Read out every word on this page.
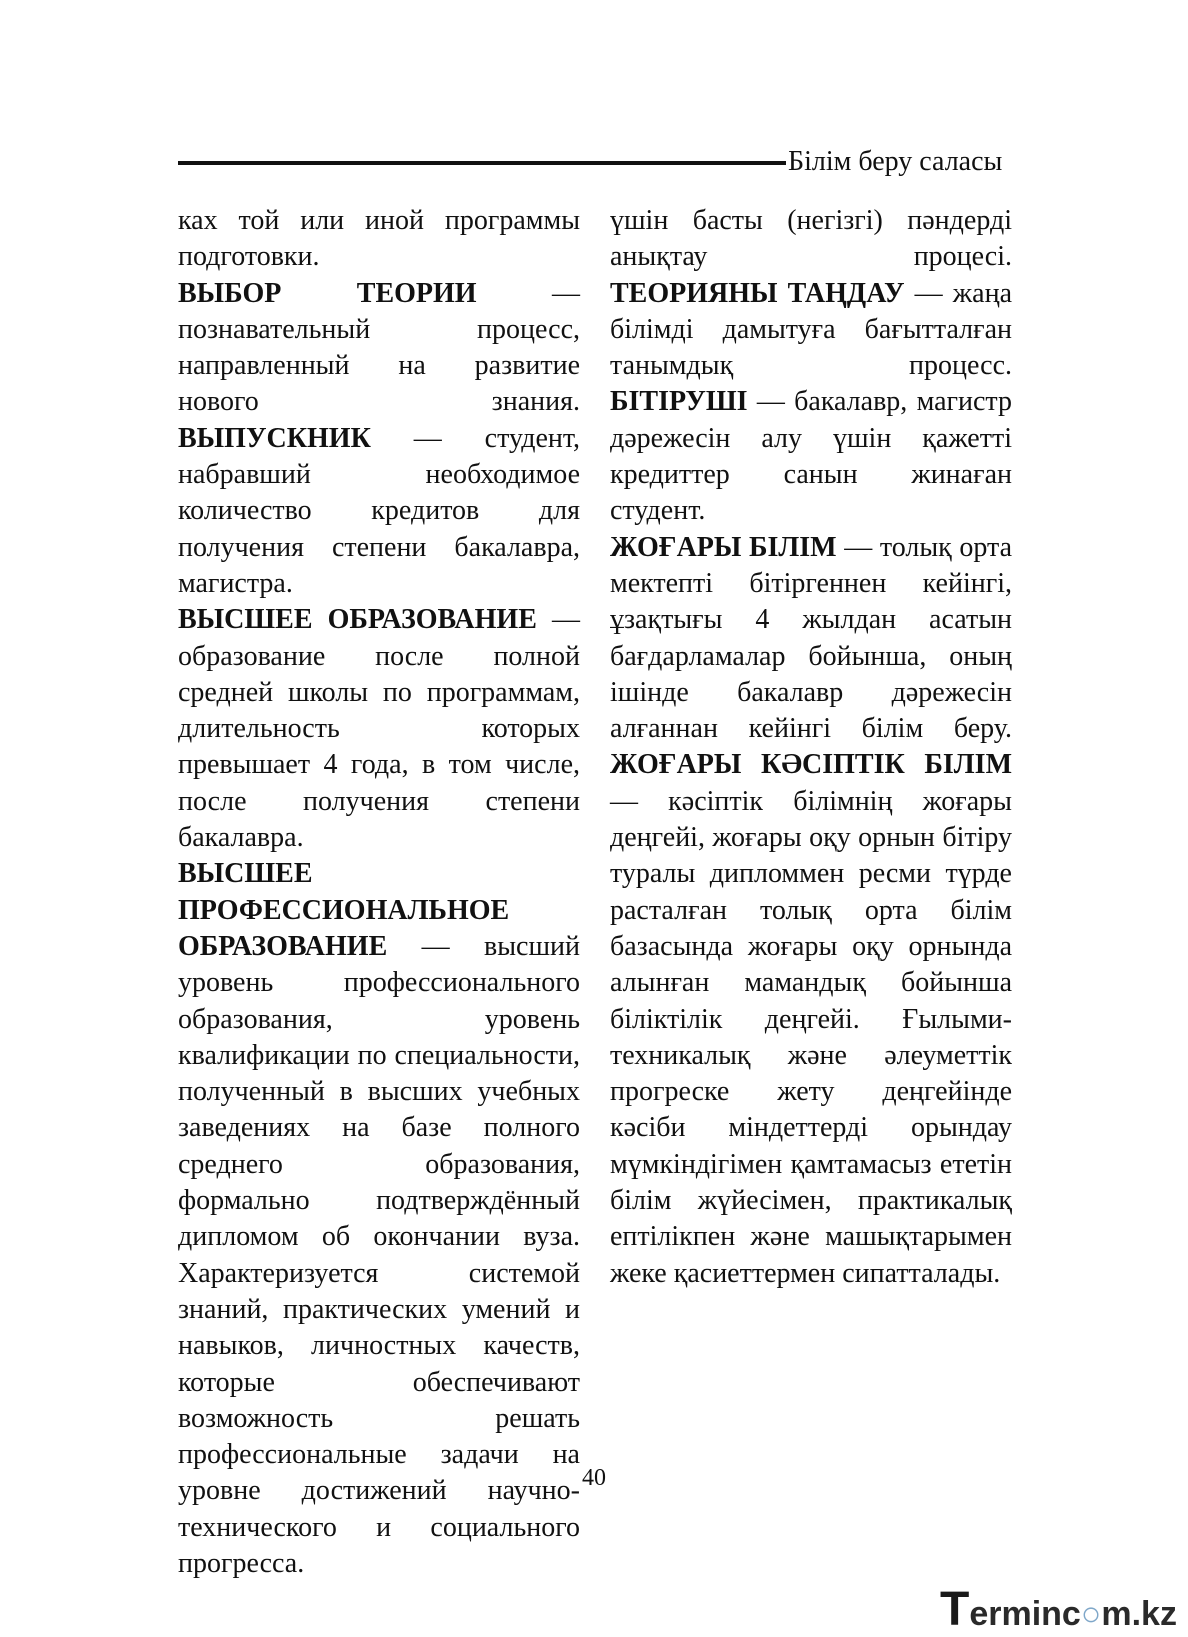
Білім беру саласы
ках той или иной программы подготовки.
ВЫБОР ТЕОРИИ — познавательный процесс, направленный на развитие нового знания.
ВЫПУСКНИК — студент, набравший необходимое количество кредитов для получения степени бакалавра, магистра.
ВЫСШЕЕ ОБРАЗОВАНИЕ — образование после полной средней школы по программам, длительность которых превышает 4 года, в том числе, после получения степени бакалавра.
ВЫСШЕЕ ПРОФЕССИОНАЛЬНОЕ ОБРАЗОВАНИЕ — высший уровень профессионального образования, уровень квалификации по специальности, полученный в высших учебных заведениях на базе полного среднего образования, формально подтверждённый дипломом об окончании вуза. Характеризуется системой знаний, практических умений и навыков, личностных качеств, которые обеспечивают возможность решать профессиональные задачи на уровне достижений научно-технического и социального прогресса.
үшін басты (негізгі) пәндерді анықтау процесі.
ТЕОРИЯНЫ ТАҢДАУ — жаңа білімді дамытуға бағытталған танымдық процесс.
БІТІРУШІ — бакалавр, магистр дәрежесін алу үшін қажетті кредиттер санын жинаған студент.
ЖОҒАРЫ БІЛІМ — толық орта мектепті бітіргеннен кейінгі, ұзақтығы 4 жылдан асатын бағдарламалар бойынша, оның ішінде бакалавр дәрежесін алғаннан кейінгі білім беру.
ЖОҒАРЫ КӘСІПТІК БІЛІМ — кәсіптік білімнің жоғары деңгейі, жоғары оқу орнын бітіру туралы дипломмен ресми түрде расталған толық орта білім базасында жоғары оқу орнында алынған мамандық бойынша біліктілік деңгейі. Ғылыми-техникалық және әлеуметтік прогреске жету деңгейінде кәсіби міндеттерді орындау мүмкіндігімен қамтамасыз ететін білім жүйесімен, практикалық ептілікпен және машықтарымен жеке қасиеттермен сипатталады.
40
Terminc○m.kz
